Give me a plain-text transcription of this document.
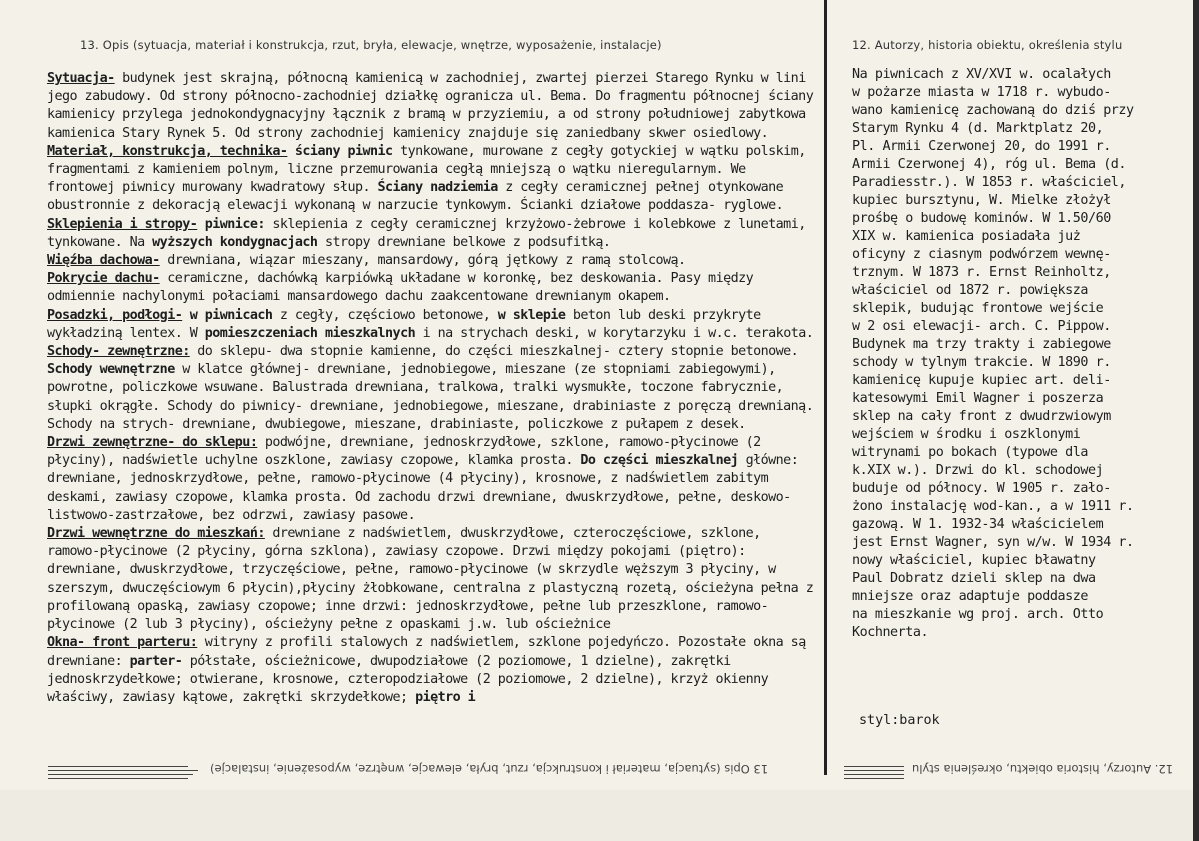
13. Opis (sytuacja, materiał i konstrukcja, rzut, bryła, elewacje, wnętrze, wyposażenie, instalacje)	12. Autorzy, historia obiektu, określenia stylu

Sytuacja- budynek jest skrajną, północną kamienicą w zachodniej, zwartej pierzei Starego Rynku w lini jego zabudowy. Od strony północno-zachodniej działkę ogranicza ul. Bema. Do fragmentu północnej ściany kamienicy przylega jednokondygnacyjny łącznik z bramą w przyziemiu, a od strony południowej zabytkowa kamienica Stary Rynek 5. Od strony zachodniej kamienicy znajduje się zaniedbany skwer osiedlowy.

Materiał, konstrukcja, technika- ściany piwnic tynkowane, murowane z cegły gotyckiej w wątku polskim, fragmentami z kamieniem polnym, liczne przemurowania cegłą mniejszą o wątku nieregularnym. We frontowej piwnicy murowany kwadratowy słup. Ściany nadziemia z cegły ceramicznej pełnej otynkowane obustronnie z dekoracją elewacji wykonaną w narzucie tynkowym. Ścianki działowe poddasza- ryglowe.

Sklepienia i stropy- piwnice: sklepienia z cegły ceramicznej krzyżowo-żebrowe i kolebkowe z lunetami, tynkowane. Na wyższych kondygnacjach stropy drewniane belkowe z podsufitką.

Więźba dachowa- drewniana, wiązar mieszany, mansardowy, górą jętkowy z ramą stolcową.

Pokrycie dachu- ceramiczne, dachówką karpiówką układane w koronkę, bez deskowania. Pasy między odmiennie nachylonymi połaciami mansardowego dachu zaakcentowane drewnianym okapem.

Posadzki, podłogi- w piwnicach z cegły, częściowo betonowe, w sklepie beton lub deski przykryte wykładziną lentex. W pomieszczeniach mieszkalnych i na strychach deski, w korytarzyku i w.c. terakota.

Schody- zewnętrzne: do sklepu- dwa stopnie kamienne, do części mieszkalnej- cztery stopnie betonowe. Schody wewnętrzne w klatce głównej- drewniane, jednobiegowe, mieszane (ze stopniami zabiegowymi), powrotne, policzkowe wsuwane. Balustrada drewniana, tralkowa, tralki wysmukłe, toczone fabrycznie, słupki okrągłe. Schody do piwnicy- drewniane, jednobiegowe, mieszane, drabiniaste z poręczą drewnianą. Schody na strych- drewniane, dwubiegowe, mieszane, drabiniaste, policzkowe z pułapem z desek.

Drzwi zewnętrzne- do sklepu: podwójne, drewniane, jednoskrzydłowe, szklone, ramowo-płycinowe (2 płyciny), nadświetle uchylne oszklone, zawiasy czopowe, klamka prosta. Do części mieszkalnej główne: drewniane, jednoskrzydłowe, pełne, ramowo-płycinowe (4 płyciny), krosnowe, z nadświetlem zabitym deskami, zawiasy czopowe, klamka prosta. Od zachodu drzwi drewniane, dwuskrzydłowe, pełne, deskowo-listwowo-zastrzałowe, bez odrzwi, zawiasy pasowe.

Drzwi wewnętrzne do mieszkań: drewniane z nadświetlem, dwuskrzydłowe, czteroczęściowe, szklone, ramowo-płycinowe (2 płyciny, górna szklona), zawiasy czopowe. Drzwi między pokojami (piętro): drewniane, dwuskrzydłowe, trzyczęściowe, pełne, ramowo-płycinowe (w skrzydle węższym 3 płyciny, w szerszym, dwuczęściowym 6 płycin),płyciny żłobkowane, centralna z plastyczną rozetą, ościeżyna pełna z profilowaną opaską, zawiasy czopowe; inne drzwi: jednoskrzydłowe, pełne lub przeszklone, ramowo-płycinowe (2 lub 3 płyciny), ościeżyny pełne z opaskami j.w. lub ościeżnice

Okna- front parteru: witryny z profili stalowych z nadświetlem, szklone pojedyńczo. Pozostałe okna są drewniane: parter- półstałe, ościeżnicowe, dwupodziałowe (2 poziomowe, 1 dzielne), zakrętki jednoskrzydełkowe; otwierane, krosnowe, czteropodziałowe (2 poziomowe, 2 dzielne), krzyż okienny właściwy, zawiasy kątowe, zakrętki skrzydełkowe; piętro i

Na piwnicach z XV/XVI w. ocalałych
w pożarze miasta w 1718 r. wybudo-
wano kamienicę zachowaną do dziś przy
Starym Rynku 4 (d. Marktplatz 20,
Pl. Armii Czerwonej 20, do 1991 r.
Armii Czerwonej 4), róg ul. Bema (d.
Paradiesstr.). W 1853 r. właściciel,
kupiec bursztynu, W. Mielke złożył
prośbę o budowę kominów. W 1.50/60
XIX w. kamienica posiadała już
oficyny z ciasnym podwórzem wewnę-
trznym. W 1873 r. Ernst Reinholtz,
właściciel od 1872 r. powiększa
sklepik, budując frontowe wejście
w 2 osi elewacji- arch. C. Pippow.
Budynek ma trzy trakty i zabiegowe
schody w tylnym trakcie. W 1890 r.
kamienicę kupuje kupiec art. deli-
katesowymi Emil Wagner i poszerza
sklep na cały front z dwudrzwiowym
wejściem w środku i oszklonymi
witrynami po bokach (typowe dla
k.XIX w.). Drzwi do kl. schodowej
buduje od północy. W 1905 r. zało-
żono instalację wod-kan., a w 1911 r.
gazową. W 1. 1932-34 właścicielem
jest Ernst Wagner, syn w/w. W 1934 r.
nowy właściciel, kupiec bławatny
Paul Dobratz dzieli sklep na dwa
mniejsze oraz adaptuje poddasze
na mieszkanie wg proj. arch. Otto
Kochnerta.
styl:barok
13 Opis (sytuacja, materiał i konstrukcja, rzut, bryła, elewacje, wnętrze, wyposażenie, instalacje)	12. Autorzy, historia obiektu, określenia stylu
